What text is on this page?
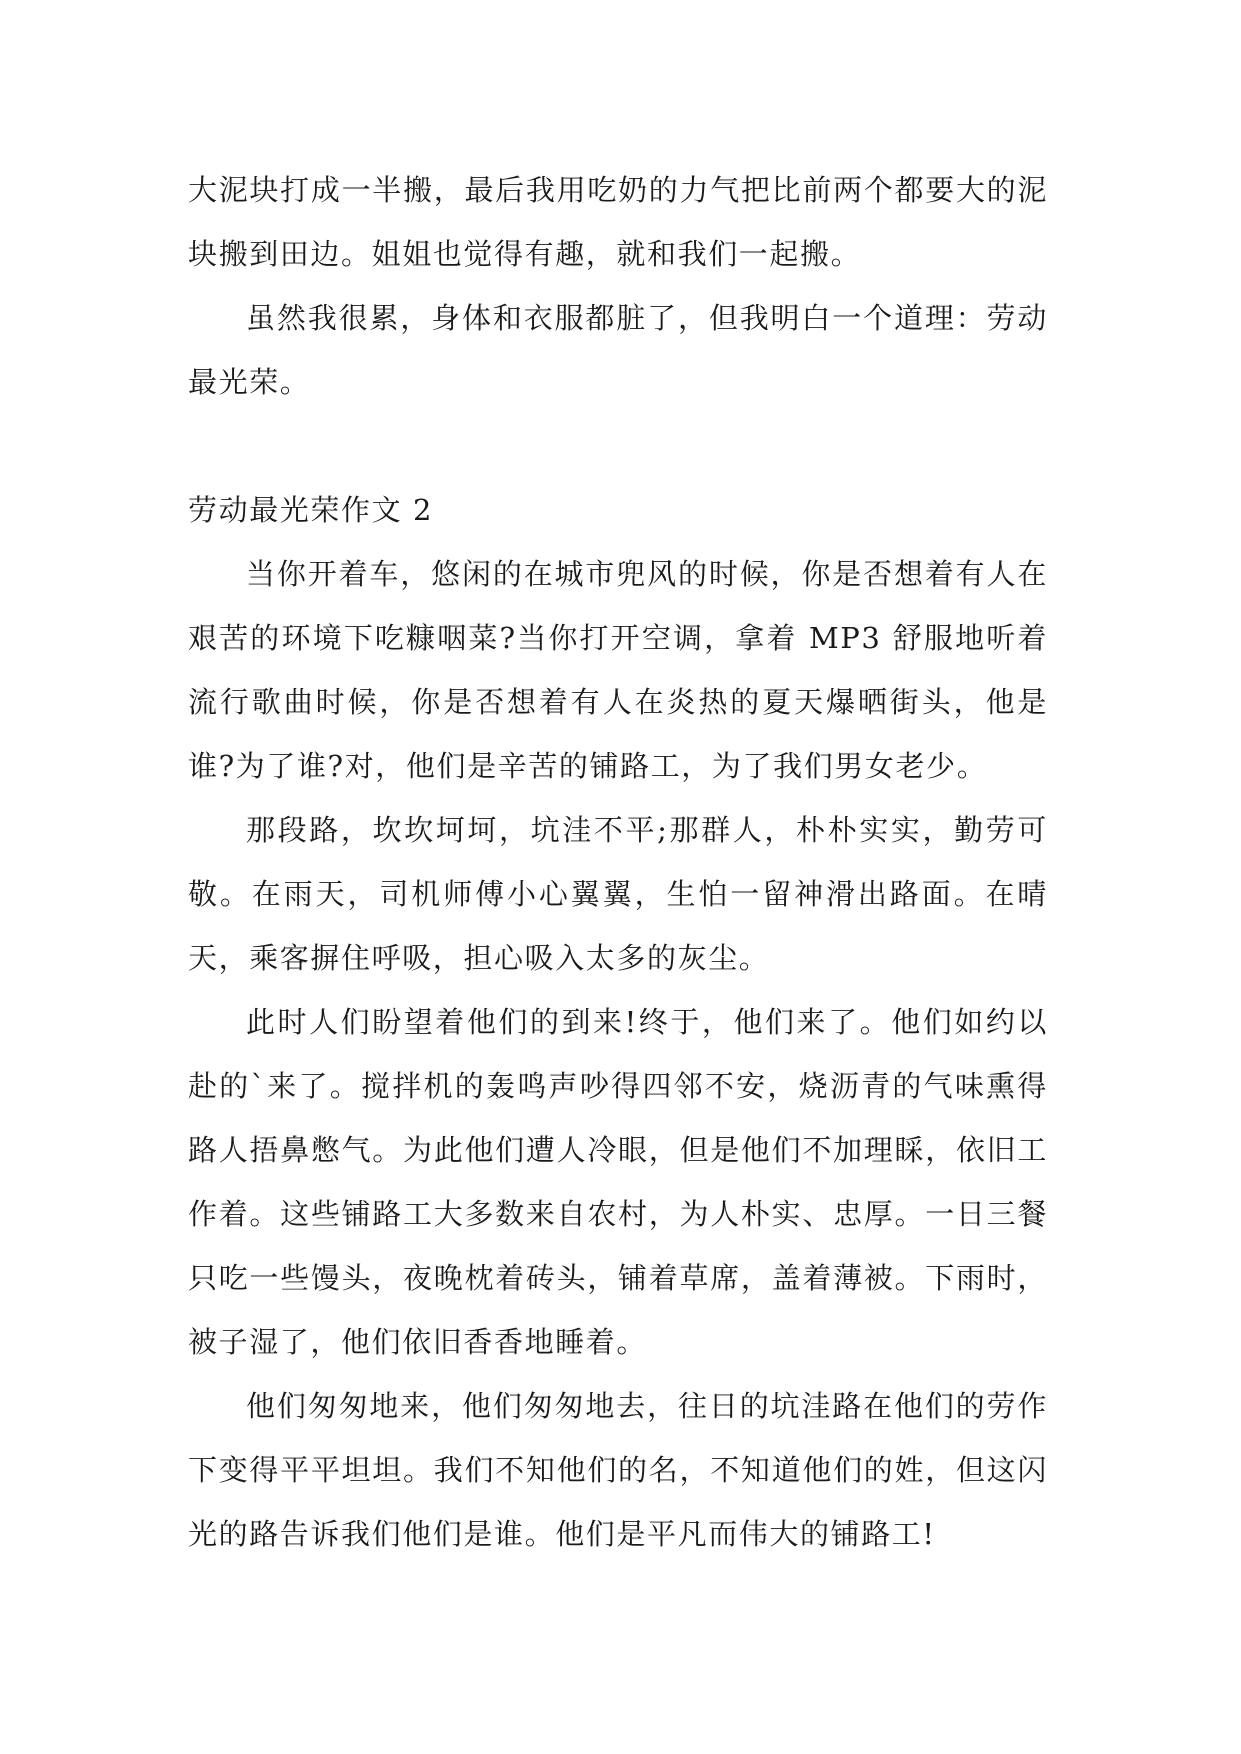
大泥块打成一半搬，最后我用吃奶的力气把比前两个都要大的泥块搬到田边。姐姐也觉得有趣，就和我们一起搬。

虽然我很累，身体和衣服都脏了，但我明白一个道理：劳动最光荣。

劳动最光荣作文 2

当你开着车，悠闲的在城市兜风的时候，你是否想着有人在艰苦的环境下吃糠咽菜?当你打开空调，拿着 MP3 舒服地听着流行歌曲时候，你是否想着有人在炎热的夏天爆晒街头，他是谁?为了谁?对，他们是辛苦的铺路工，为了我们男女老少。

那段路，坎坎坷坷，坑洼不平;那群人，朴朴实实，勤劳可敬。在雨天，司机师傅小心翼翼，生怕一留神滑出路面。在晴天，乘客摒住呼吸，担心吸入太多的灰尘。

此时人们盼望着他们的到来!终于，他们来了。他们如约以赴的`来了。搅拌机的轰鸣声吵得四邻不安，烧沥青的气味熏得路人捂鼻憋气。为此他们遭人冷眼，但是他们不加理睬，依旧工作着。这些铺路工大多数来自农村，为人朴实、忠厚。一日三餐只吃一些馒头，夜晚枕着砖头，铺着草席，盖着薄被。下雨时，被子湿了，他们依旧香香地睡着。

他们匆匆地来，他们匆匆地去，往日的坑洼路在他们的劳作下变得平平坦坦。我们不知他们的名，不知道他们的姓，但这闪光的路告诉我们他们是谁。他们是平凡而伟大的铺路工!
